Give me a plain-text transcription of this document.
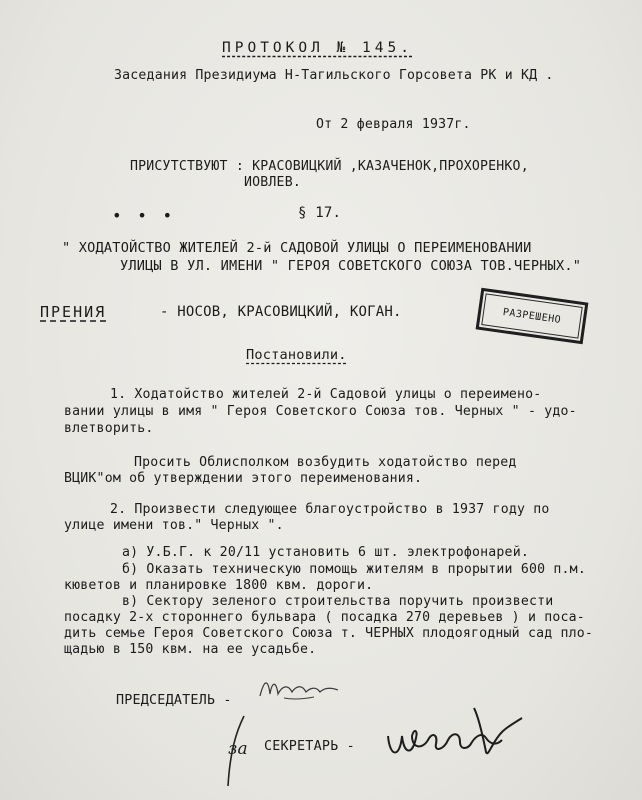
ПРОТОКОЛ № 145.
Заседания Президиума Н-Тагильского Горсовета РК и КД .
От 2 февраля 1937г.
ПРИСУТСТВУЮТ : КРАСОВИЦКИЙ ,КАЗАЧЕНОК,ПРОХОРЕНКО,
ИОВЛЕВ.
• • •	§ 17.
" ХОДАТОЙСТВО ЖИТЕЛЕЙ 2-й САДОВОЙ УЛИЦЫ О ПЕРЕИМЕНОВАНИИ
УЛИЦЫ В УЛ. ИМЕНИ " ГЕРОЯ СОВЕТСКОГО СОЮЗА ТОВ.ЧЕРНЫХ."
ПРЕНИЯ	- НОСОВ, КРАСОВИЦКИЙ, КОГАН.	РАЗРЕШЕНО
Постановили.
1. Ходатойство жителей 2-й Садовой улицы о переименo-
вании улицы в имя " Героя Советского Союза тов. Черных " - удо-
влетворить.
Просить Облисполком возбудить ходатойство перед
ВЦИК"ом об утверждении этого переименования.
2. Произвести следующее благоустройство в 1937 году по
улице имени тов." Черных ".
а) У.Б.Г. к 20/11 установить 6 шт. электрофонарей.
б) Оказать техническую помощь жителям в прорытии 600 п.м.
кюветов и планировке 1800 квм. дороги.
в) Сектору зеленого строительства поручить произвести
посадку 2-х стороннего бульвара ( посадка 270 деревьев ) и поса-
дить семье Героя Советского Союза т. ЧЕРНЫХ плодоягодный сад пло-
щадью в 150 квм. на ее усадьбе.
ПРЕДСЕДАТЕЛЬ -
за СЕКРЕТАРЬ -
